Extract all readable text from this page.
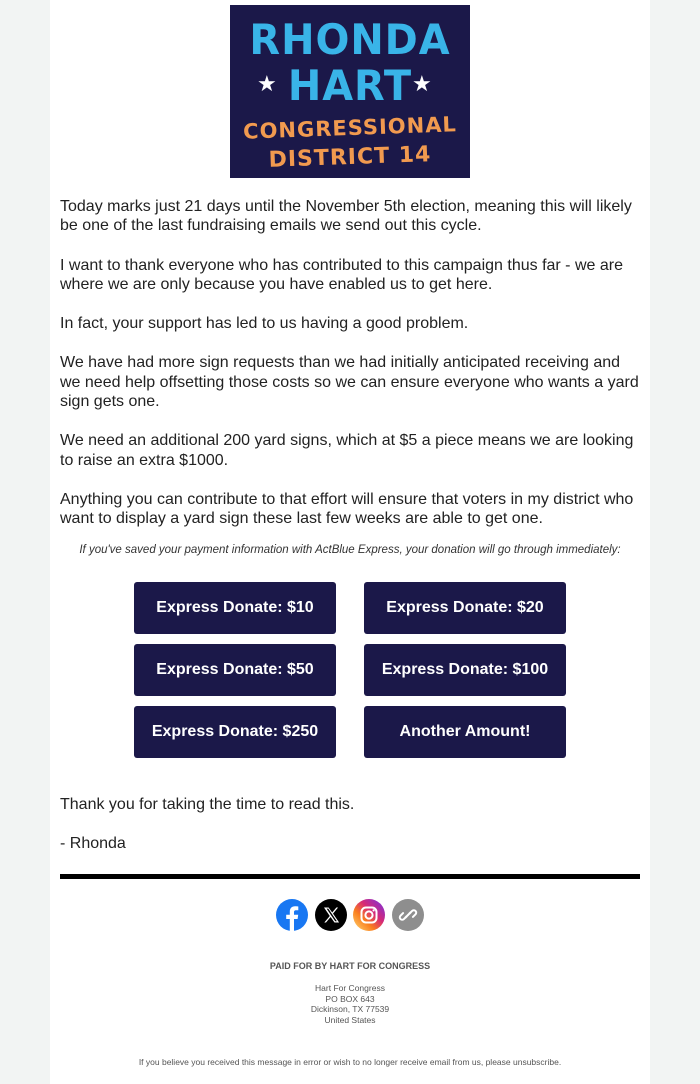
RHONDA
★ HART ★
CONGRESSIONAL
DISTRICT 14

Today marks just 21 days until the November 5th election, meaning this will likely be one of the last fundraising emails we send out this cycle.

I want to thank everyone who has contributed to this campaign thus far - we are where we are only because you have enabled us to get here.

In fact, your support has led to us having a good problem.

We have had more sign requests than we had initially anticipated receiving and we need help offsetting those costs so we can ensure everyone who wants a yard sign gets one.

We need an additional 200 yard signs, which at $5 a piece means we are looking to raise an extra $1000.

Anything you can contribute to that effort will ensure that voters in my district who want to display a yard sign these last few weeks are able to get one.

If you've saved your payment information with ActBlue Express, your donation will go through immediately:
Express Donate: $10	Express Donate: $20
Express Donate: $50	Express Donate: $100
Express Donate: $250	Another Amount!

Thank you for taking the time to read this.

- Rhonda

PAID FOR BY HART FOR CONGRESS
Hart For Congress
PO BOX 643
Dickinson, TX 77539
United States
If you believe you received this message in error or wish to no longer receive email from us, please unsubscribe.
